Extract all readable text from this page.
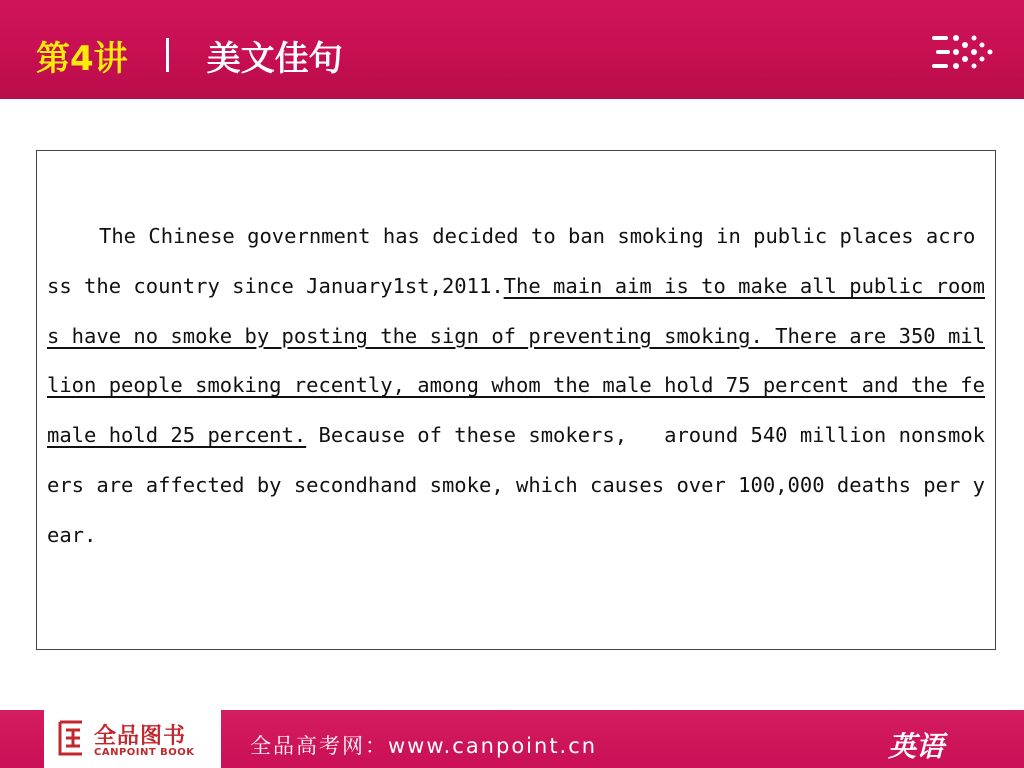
第4讲 美文佳句
The Chinese government has decided to ban smoking in public places across the country since January1st,2011.The_main_aim_is_to_make_all_public_rooms_have_no_smoke_by_posting_the_sign_of_preventing_smoking._There_are_350_million_people_smoking_recently,_among_whom_the_male_hold_75_percent_and_the_female_hold_25_percent. Because of these smokers,   around 540 million nonsmokers are affected by secondhand smoke, which causes over 100,000 deaths per year.
全品图书
CANPOINT BOOK	全品高考网：www.canpoint.cn	英语
